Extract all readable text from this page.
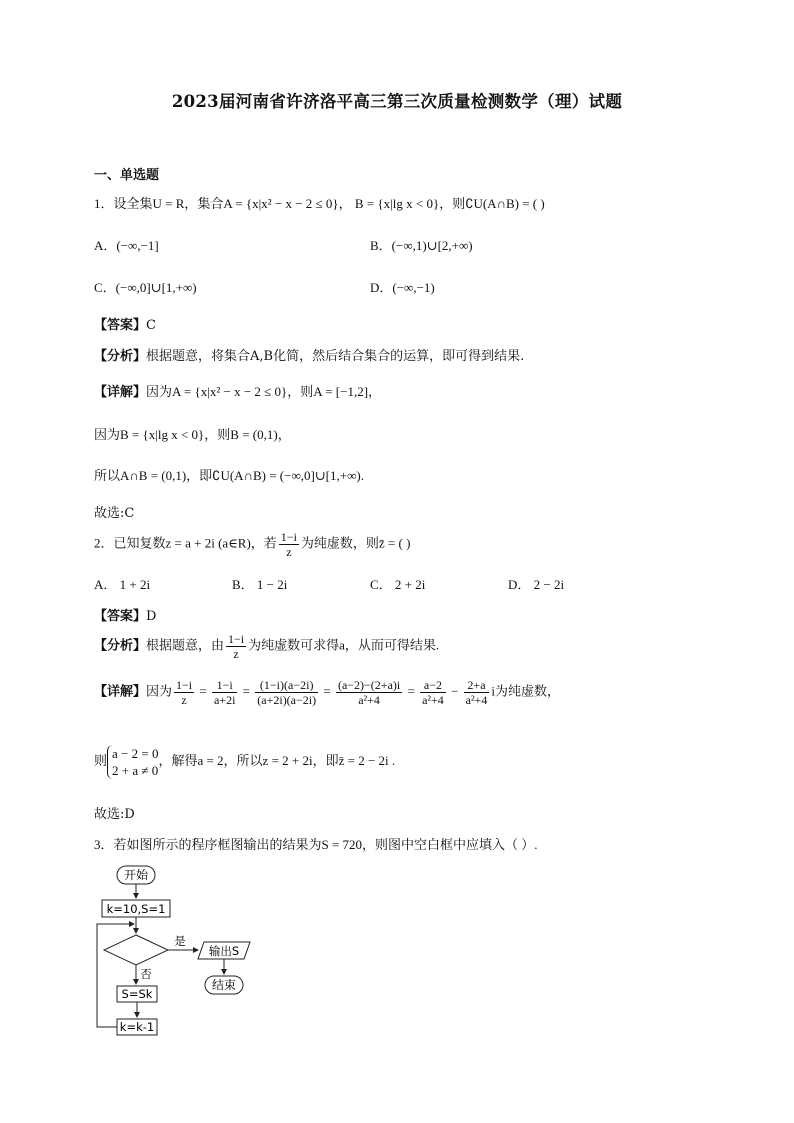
2023届河南省许济洛平高三第三次质量检测数学（理）试题
一、单选题
1．设全集U = R，集合A = {x|x² − x − 2 ≤ 0}， B = {x|lg x < 0}，则∁U(A∩B) = ( )
A．(−∞,−1]	B．(−∞,1)∪[2,+∞)
C．(−∞,0]∪[1,+∞)	D．(−∞,−1)
【答案】C
【分析】根据题意，将集合A,B化简，然后结合集合的运算，即可得到结果.
【详解】因为A = {x|x² − x − 2 ≤ 0}，则A = [−1,2]，
因为B = {x|lg x < 0}，则B = (0,1)，
所以A∩B = (0,1)，即∁U(A∩B) = (−∞,0]∪[1,+∞).
故选:C
2．已知复数z = a + 2i (a∈R)，若 $\frac{1-i}{z}$ 为纯虚数，则z̄ = ( )
A． 1 + 2i	B． 1 − 2i	C． 2 + 2i	D． 2 − 2i
【答案】D
【分析】根据题意，由 $\frac{1-i}{z}$ 为纯虚数可求得a，从而可得结果.
【详解】因为 $\frac{1-i}{z} = \frac{1-i}{a+2i} = \frac{(1-i)(a-2i)}{(a+2i)(a-2i)} = \frac{(a-2)-(2+a)i}{\text{a²+4}} = \frac{a-2}{\text{a²+4}} - \frac{2+a}{\text{a²+4}}$ i为纯虚数，
则 a − 2 = 0
2 + a ≠ 0
，解得a = 2，所以z = 2 + 2i，即z̄ = 2 − 2i .
故选:D
3．若如图所示的程序框图输出的结果为S = 720，则图中空白框中应填入（ ）.
开始
k=10,S=1
是
输出S
结束
否
S=Sk
k=k-1
